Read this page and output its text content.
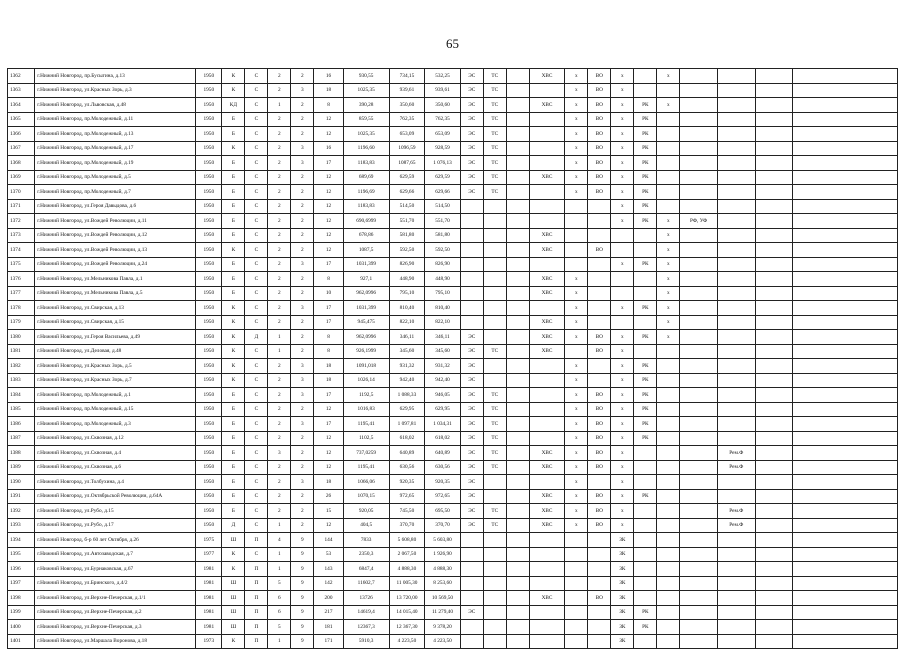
65
1362	г.Нижний Новгород, пр.Бусыгина, д.13	1950	К	С	2	2	16	930,55	734,15	532,25	ЭС	ТС		ХВС	х	ВО	х		х				
1363	г.Нижний Новгород, ул.Красных Зорь, д.3	1950	К	С	2	3	18	1025,35	939,61	939,61	ЭС	ТС			х	ВО	х						
1364	г.Нижний Новгород, ул.Львовская, д.48	1950	КД	С	1	2	8	390,28	350,60	350,60	ЭС	ТС		ХВС	х	ВО	х	РК	х				
1365	г.Нижний Новгород, пр.Молодежный, д.11	1950	Б	С	2	2	12	859,55	762,35	762,35	ЭС	ТС			х	ВО	х	РК					
1366	г.Нижний Новгород, пр.Молодежный, д.13	1950	Б	С	2	2	12	1025,35	653,09	653,09	ЭС	ТС			х	ВО	х	РК					
1367	г.Нижний Новгород, пр.Молодежный, д.17	1950	К	С	2	3	16	1196,60	1096,59	928,59	ЭС	ТС			х	ВО	х	РК					
1368	г.Нижний Новгород, пр.Молодежный, д.19	1950	Б	С	2	3	17	1183,83	1087,65	1 076,13	ЭС	ТС			х	ВО	х	РК					
1369	г.Нижний Новгород, пр.Молодежный, д.5	1950	Б	С	2	2	12	689,69	629,59	629,59	ЭС	ТС		ХВС	х	ВО	х	РК					
1370	г.Нижний Новгород, пр.Молодежный, д.7	1950	Б	С	2	2	12	1196,69	629,66	629,66	ЭС	ТС			х	ВО	х	РК					
1371	г.Нижний Новгород, ул.Героя Давыдова, д.6	1950	Б	С	2	2	12	1183,83	514,50	514,50							х	РК					
1372	г.Нижний Новгород, ул.Вождей Революции, д.11	1950	Б	С	2	2	12	690,6999	551,70	551,70							х	РК	х	РФ, УФ			
1373	г.Нижний Новгород, ул.Вождей Революции, д.12	1950	Б	С	2	2	12	678,86	581,80	581,80				ХВС					х				
1374	г.Нижний Новгород, ул.Вождей Революции, д.13	1950	К	С	2	2	12	1087,5	592,50	592,50				ХВС		ВО			х				
1375	г.Нижний Новгород, ул.Вождей Революции, д.24	1950	Б	С	2	3	17	1031,399	826,90	826,90							х	РК	х				
1376	г.Нижний Новгород, ул.Мельникова Павла, д.1	1950	Б	С	2	2	8	927,1	448,90	448,90				ХВС	х				х				
1377	г.Нижний Новгород, ул.Мельникова Павла, д.5	1950	Б	С	2	2	10	962,0996	795,10	795,10				ХВС	х				х				
1378	г.Нижний Новгород, ул.Свирская, д.13	1950	К	С	2	3	17	1031,399	810,40	810,40					х		х	РК	х				
1379	г.Нижний Новгород, ул.Свирская, д.15	1950	К	С	2	2	17	945,475	822,10	822,10				ХВС	х				х				
1380	г.Нижний Новгород, ул.Героя Васильева, д.49	1950	К	Д	1	2	8	962,0996	346,11	346,11	ЭС			ХВС	х	ВО	х	РК	х				
1381	г.Нижний Новгород, ул.Деловая, д.48	1950	К	С	1	2	8	926,1999	345,60	345,60	ЭС	ТС		ХВС		ВО	х						
1382	г.Нижний Новгород, ул.Красных Зорь, д.5	1950	К	С	2	3	18	1091,018	931,32	931,32	ЭС				х		х	РК					
1383	г.Нижний Новгород, ул.Красных Зорь, д.7	1950	К	С	2	3	18	1026,14	942,40	942,40	ЭС				х		х	РК					
1384	г.Нижний Новгород, пр.Молодежный, д.1	1950	Б	С	2	3	17	1192,5	1 088,33	946,05	ЭС	ТС			х	ВО	х	РК					
1385	г.Нижний Новгород, пр.Молодежный, д.15	1950	Б	С	2	2	12	1016,83	629,95	629,95	ЭС	ТС			х	ВО	х	РК					
1386	г.Нижний Новгород, пр.Молодежный, д.3	1950	Б	С	2	3	17	1195,41	1 097,81	1 034,31	ЭС	ТС			х	ВО	х	РК					
1387	г.Нижний Новгород, ул.Сквозная, д.12	1950	Б	С	2	2	12	1102,5	618,02	618,02	ЭС	ТС			х	ВО	х	РК					
1388	г.Нижний Новгород, ул.Сквозная, д.4	1950	Б	С	3	2	12	737,0259	640,89	640,89	ЭС	ТС		ХВС	х	ВО	х				Рем.Ф		
1389	г.Нижний Новгород, ул.Сквозная, д.6	1950	Б	С	2	2	12	1195,41	630,56	630,56	ЭС	ТС		ХВС	х	ВО	х				Рем.Ф		
1390	г.Нижний Новгород, ул.Толбухина, д.4	1950	Б	С	2	3	18	1066,06	920,35	920,35	ЭС				х		х						
1391	г.Нижний Новгород, ул.Октябрьской Революции, д.64А	1950	Б	С	2	2	26	1070,15	972,65	972,65	ЭС			ХВС	х	ВО	х	РК					
1392	г.Нижний Новгород, ул.Рубо, д.15	1950	Б	С	2	2	15	920,05	745,50	695,50	ЭС	ТС		ХВС	х	ВО	х				Рем.Ф		
1393	г.Нижний Новгород, ул.Рубо, д.17	1950	Д	С	1	2	12	404,5	370,70	370,70	ЭС	ТС		ХВС	х	ВО	х				Рем.Ф		
1394	г.Нижний Новгород, б-р 60 лет Октября, д.26	1975	Ш	П	4	9	144	7833	5 608,80	5 603,80							ЗК						
1395	г.Нижний Новгород, ул.Автозаводская, д.7	1977	К	С	1	9	53	2350,3	2 067,50	1 926,90							ЗК						
1396	г.Нижний Новгород, ул.Бурнаковская, д.67	1981	К	П	1	9	143	6847,4	4 888,30	4 888,30							ЗК						
1397	г.Нижний Новгород, ул.Бринского, д.4/2	1981	Ш	П	5	9	142	11602,7	11 005,30	8 253,60							ЗК						
1398	г.Нижний Новгород, ул.Верхне-Печерская, д.1/1	1981	Ш	П	6	9	200	13726	13 720,00	10 569,50				ХВС		ВО	ЗК						
1399	г.Нижний Новгород, ул.Верхне-Печерская, д.2	1981	Ш	П	6	9	217	14619,4	14 015,40	11 279,40	ЭС						ЗК	РК					
1400	г.Нижний Новгород, ул.Верхне-Печерская, д.3	1981	Ш	П	5	9	181	12367,3	12 367,30	9 378,20							ЗК	РК					
1401	г.Нижний Новгород, ул.Маршала Воронова, д.18	1973	К	П	1	9	171	5910,3	4 223,50	4 223,50							ЗК						
